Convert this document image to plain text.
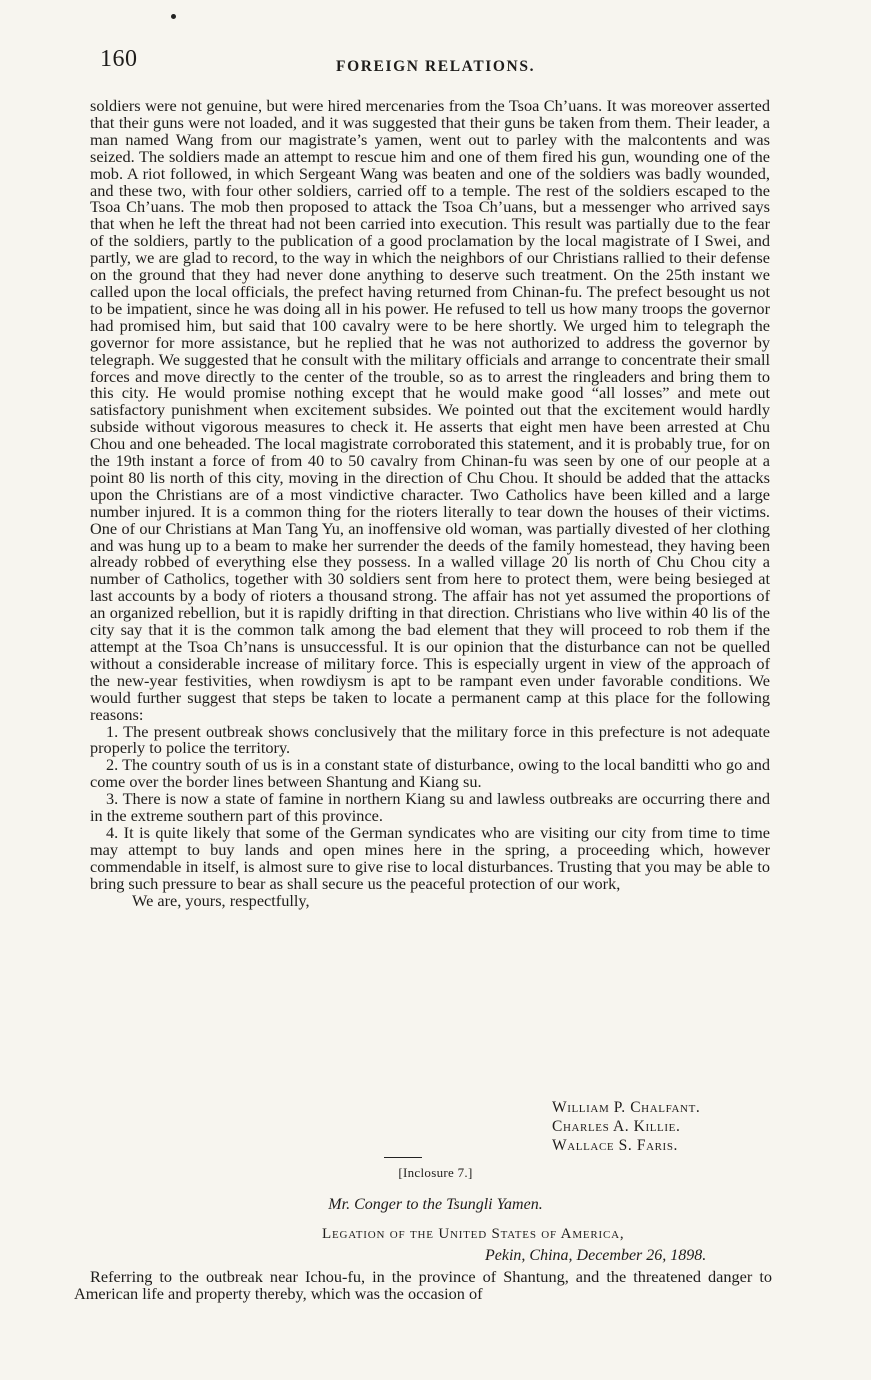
160	FOREIGN RELATIONS.

soldiers were not genuine, but were hired mercenaries from the Tsoa Ch’uans. It was moreover asserted that their guns were not loaded, and it was suggested that their guns be taken from them. Their leader, a man named Wang from our magistrate’s yamen, went out to parley with the malcontents and was seized. The soldiers made an attempt to rescue him and one of them fired his gun, wounding one of the mob. A riot followed, in which Sergeant Wang was beaten and one of the soldiers was badly wounded, and these two, with four other soldiers, carried off to a temple. The rest of the soldiers escaped to the Tsoa Ch’uans. The mob then proposed to attack the Tsoa Ch’uans, but a messenger who arrived says that when he left the threat had not been carried into execution. This result was partially due to the fear of the soldiers, partly to the publication of a good proclamation by the local magistrate of I Swei, and partly, we are glad to record, to the way in which the neighbors of our Christians rallied to their defense on the ground that they had never done anything to deserve such treatment. On the 25th instant we called upon the local officials, the prefect having returned from Chinan-fu. The prefect besought us not to be impatient, since he was doing all in his power. He refused to tell us how many troops the governor had promised him, but said that 100 cavalry were to be here shortly. We urged him to telegraph the governor for more assistance, but he replied that he was not authorized to address the governor by telegraph. We suggested that he consult with the military officials and arrange to concentrate their small forces and move directly to the center of the trouble, so as to arrest the ringleaders and bring them to this city. He would promise nothing except that he would make good “all losses” and mete out satisfactory punishment when excitement subsides. We pointed out that the excitement would hardly subside without vigorous measures to check it. He asserts that eight men have been arrested at Chu Chou and one beheaded. The local magistrate corroborated this statement, and it is probably true, for on the 19th instant a force of from 40 to 50 cavalry from Chinan-fu was seen by one of our people at a point 80 lis north of this city, moving in the direction of Chu Chou. It should be added that the attacks upon the Christians are of a most vindictive character. Two Catholics have been killed and a large number injured. It is a common thing for the rioters literally to tear down the houses of their victims. One of our Christians at Man Tang Yu, an inoffensive old woman, was partially divested of her clothing and was hung up to a beam to make her surrender the deeds of the family homestead, they having been already robbed of everything else they possess. In a walled village 20 lis north of Chu Chou city a number of Catholics, together with 30 soldiers sent from here to protect them, were being besieged at last accounts by a body of rioters a thousand strong. The affair has not yet assumed the proportions of an organized rebellion, but it is rapidly drifting in that direction. Christians who live within 40 lis of the city say that it is the common talk among the bad element that they will proceed to rob them if the attempt at the Tsoa Ch’nans is unsuccessful. It is our opinion that the disturbance can not be quelled without a considerable increase of military force. This is especially urgent in view of the approach of the new-year festivities, when rowdiysm is apt to be rampant even under favorable conditions. We would further suggest that steps be taken to locate a permanent camp at this place for the following reasons:

1. The present outbreak shows conclusively that the military force in this prefecture is not adequate properly to police the territory.

2. The country south of us is in a constant state of disturbance, owing to the local banditti who go and come over the border lines between Shantung and Kiang su.

3. There is now a state of famine in northern Kiang su and lawless outbreaks are occurring there and in the extreme southern part of this province.

4. It is quite likely that some of the German syndicates who are visiting our city from time to time may attempt to buy lands and open mines here in the spring, a proceeding which, however commendable in itself, is almost sure to give rise to local disturbances. Trusting that you may be able to bring such pressure to bear as shall secure us the peaceful protection of our work,

We are, yours, respectfully,

William P. Chalfant.
Charles A. Killie.
Wallace S. Faris.
[Inclosure 7.]
Mr. Conger to the Tsungli Yamen.
Legation of the United States of America,
Pekin, China, December 26, 1898.

Referring to the outbreak near Ichou-fu, in the province of Shantung, and the threatened danger to American life and property thereby, which was the occasion of
